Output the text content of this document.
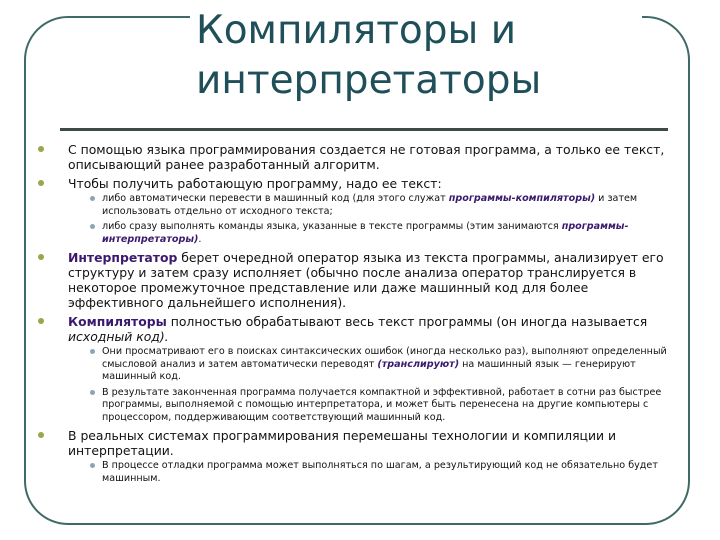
Компиляторы и
интерпретаторы
С помощью языка программирования создается не готовая программа, а только ее текст, описывающий ранее разработанный алгоритм.
Чтобы получить работающую программу, надо ее текст:
либо автоматически перевести в машинный код (для этого служат программы-компиляторы) и затем использовать отдельно от исходного текста;
либо сразу выполнять команды языка, указанные в тексте программы (этим занимаются программы-интерпретаторы).
Интерпретатор берет очередной оператор языка из текста программы, анализирует его структуру и затем сразу исполняет (обычно после анализа оператор транслируется в некоторое промежуточное представление или даже машинный код для более эффективного дальнейшего исполнения).
Компиляторы полностью обрабатывают весь текст программы (он иногда называется исходный код).
Они просматривают его в поисках синтаксических ошибок (иногда несколько раз), выполняют определенный смысловой анализ и затем автоматически переводят (транслируют) на машинный язык — генерируют машинный код.
В результате законченная программа получается компактной и эффективной, работает в сотни раз быстрее программы, выполняемой с помощью интерпретатора, и может быть перенесена на другие компьютеры с процессором, поддерживающим соответствующий машинный код.
В реальных системах программирования перемешаны технологии и компиляции и интерпретации.
В процессе отладки программа может выполняться по шагам, а результирующий код не обязательно будет машинным.
